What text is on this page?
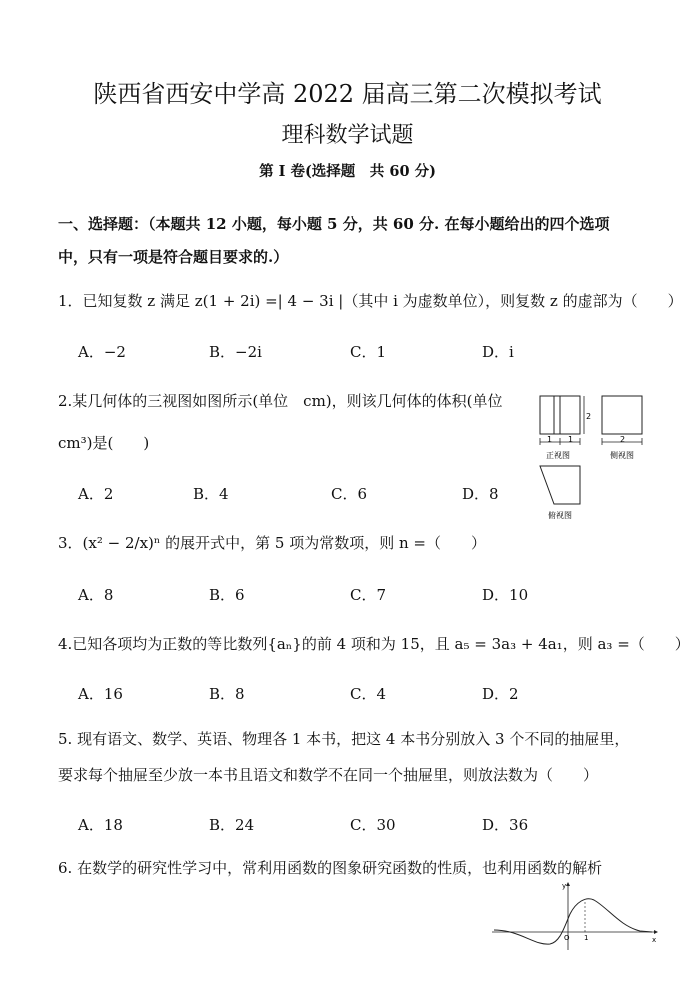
陕西省西安中学高 2022 届高三第二次模拟考试
理科数学试题
第 I 卷(选择题　共 60 分)
一、选择题：（本题共 12 小题，每小题 5 分，共 60 分. 在每小题给出的四个选项
中，只有一项是符合题目要求的.）
1．已知复数 z 满足 z(1 + 2i) =| 4 − 3i |（其中 i 为虚数单位），则复数 z 的虚部为（　　）
A．−2	B．−2i	C．1	D．i
2.某几何体的三视图如图所示(单位　cm)，则该几何体的体积(单位
cm³)是(　　)
A．2	B．4	C．6	D．8
1 1
2
正视图
2
侧视图
俯视图
3．(x² − 2/x)ⁿ 的展开式中，第 5 项为常数项，则 n =（　　）
A．8	B．6	C．7	D．10
4.已知各项均为正数的等比数列{aₙ}的前 4 项和为 15，且 a₅ = 3a₃ + 4a₁，则 a₃ =（　　）
A．16	B．8	C．4	D．2
5. 现有语文、数学、英语、物理各 1 本书，把这 4 本书分别放入 3 个不同的抽屉里，
要求每个抽屉至少放一本书且语文和数学不在同一个抽屉里，则放法数为（　　）
A．18	B．24	C．30	D．36
6. 在数学的研究性学习中，常利用函数的图象研究函数的性质，也利用函数的解析
O 1
y
x
